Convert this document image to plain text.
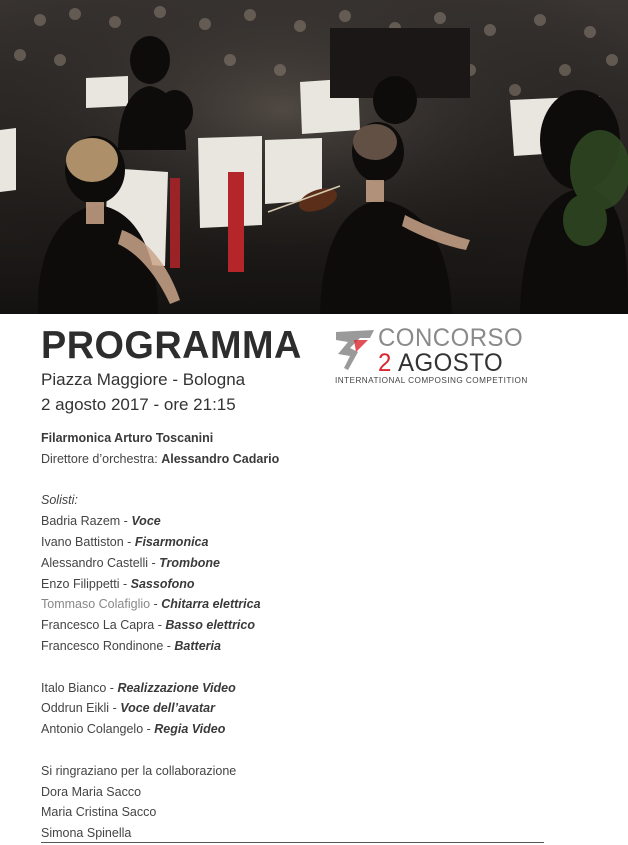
PROGRAMMA
Piazza Maggiore - Bologna
2 agosto 2017 - ore 21:15
CONCORSO
2 AGOSTO
INTERNATIONAL COMPOSING COMPETITION
Filarmonica Arturo Toscanini
Direttore d’orchestra: Alessandro Cadario
Solisti:
Badria Razem - Voce
Ivano Battiston - Fisarmonica
Alessandro Castelli - Trombone
Enzo Filippetti - Sassofono
Tommaso Colafiglio - Chitarra elettrica
Francesco La Capra - Basso elettrico
Francesco Rondinone - Batteria
Italo Bianco - Realizzazione Video
Oddrun Eikli - Voce dell’avatar
Antonio Colangelo - Regia Video
Si ringraziano per la collaborazione
Dora Maria Sacco
Maria Cristina Sacco
Simona Spinella
